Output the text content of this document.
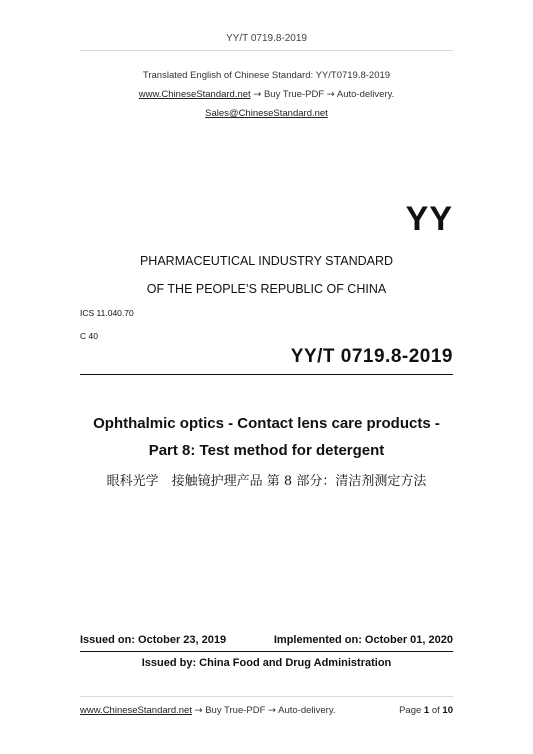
YY/T 0719.8-2019
Translated English of Chinese Standard: YY/T0719.8-2019
www.ChineseStandard.net → Buy True-PDF → Auto-delivery.
Sales@ChineseStandard.net
YY
PHARMACEUTICAL INDUSTRY STANDARD
OF THE PEOPLE’S REPUBLIC OF CHINA
ICS 11.040.70
C 40
YY/T 0719.8-2019
Ophthalmic optics - Contact lens care products -
Part 8: Test method for detergent
眼科光学　接触镜护理产品 第 8 部分：清洁剂测定方法
Issued on: October 23, 2019	Implemented on: October 01, 2020
Issued by: China Food and Drug Administration
www.ChineseStandard.net → Buy True-PDF → Auto-delivery.	Page 1 of 10
